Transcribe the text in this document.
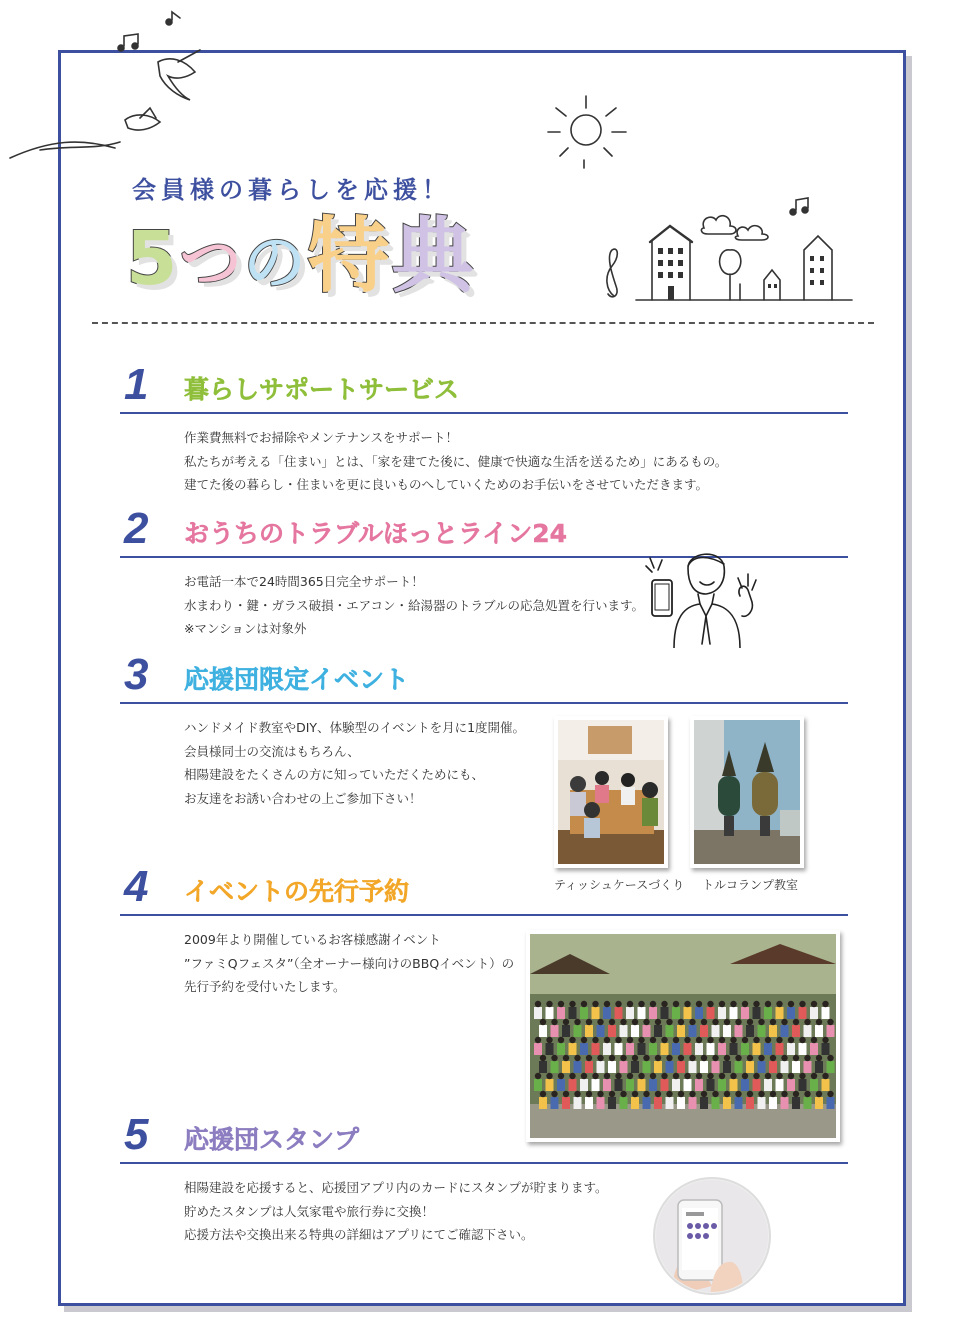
会員様の暮らしを応援！
5つの特典
1 暮らしサポートサービス

作業費無料でお掃除やメンテナンスをサポート！

私たちが考える「住まい」とは、「家を建てた後に、健康で快適な生活を送るため」にあるもの。

建てた後の暮らし・住まいを更に良いものへしていくためのお手伝いをさせていただきます。

2 おうちのトラブルほっとライン24

お電話一本で24時間365日完全サポート！

水まわり・鍵・ガラス破損・エアコン・給湯器のトラブルの応急処置を行います。

※マンションは対象外

3 応援団限定イベント

ハンドメイド教室やDIY、体験型のイベントを月に1度開催。

会員様同士の交流はもちろん、

相陽建設をたくさんの方に知っていただくためにも、

お友達をお誘い合わせの上ご参加下さい！

ティッシュケースづくり トルコランプ教室
4 イベントの先行予約

2009年より開催しているお客様感謝イベント

”ファミQフェスタ”（全オーナー様向けのBBQイベント）の

先行予約を受付いたします。

5 応援団スタンプ

相陽建設を応援すると、応援団アプリ内のカードにスタンプが貯まります。

貯めたスタンプは人気家電や旅行券に交換！

応援方法や交換出来る特典の詳細はアプリにてご確認下さい。
